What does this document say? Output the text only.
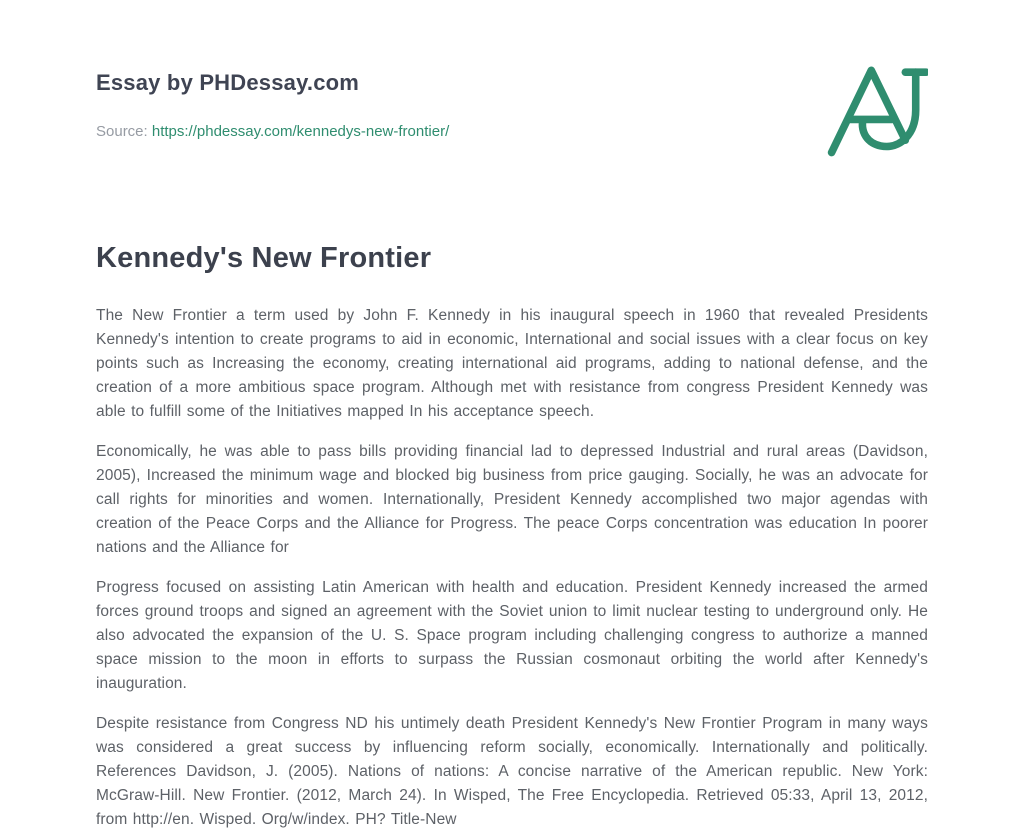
Essay by PHDessay.com
Source: https://phdessay.com/kennedys-new-frontier/
Kennedy's New Frontier

The New Frontier a term used by John F. Kennedy in his inaugural speech in 1960 that revealed Presidents Kennedy's intention to create programs to aid in economic, International and social issues with a clear focus on key points such as Increasing the economy, creating international aid programs, adding to national defense, and the creation of a more ambitious space program. Although met with resistance from congress President Kennedy was able to fulfill some of the Initiatives mapped In his acceptance speech.

Economically, he was able to pass bills providing financial lad to depressed Industrial and rural areas (Davidson, 2005), Increased the minimum wage and blocked big business from price gauging. Socially, he was an advocate for call rights for minorities and women. Internationally, President Kennedy accomplished two major agendas with creation of the Peace Corps and the Alliance for Progress. The peace Corps concentration was education In poorer nations and the Alliance for

Progress focused on assisting Latin American with health and education. President Kennedy increased the armed forces ground troops and signed an agreement with the Soviet union to limit nuclear testing to underground only. He also advocated the expansion of the U. S. Space program including challenging congress to authorize a manned space mission to the moon in efforts to surpass the Russian cosmonaut orbiting the world after Kennedy's inauguration.

Despite resistance from Congress ND his untimely death President Kennedy's New Frontier Program in many ways was considered a great success by influencing reform socially, economically. Internationally and politically. References Davidson, J. (2005). Nations of nations: A concise narrative of the American republic. New York: McGraw-Hill. New Frontier. (2012, March 24). In Wisped, The Free Encyclopedia. Retrieved 05:33, April 13, 2012, from http://en. Wisped. Org/w/index. PH? Title-New
